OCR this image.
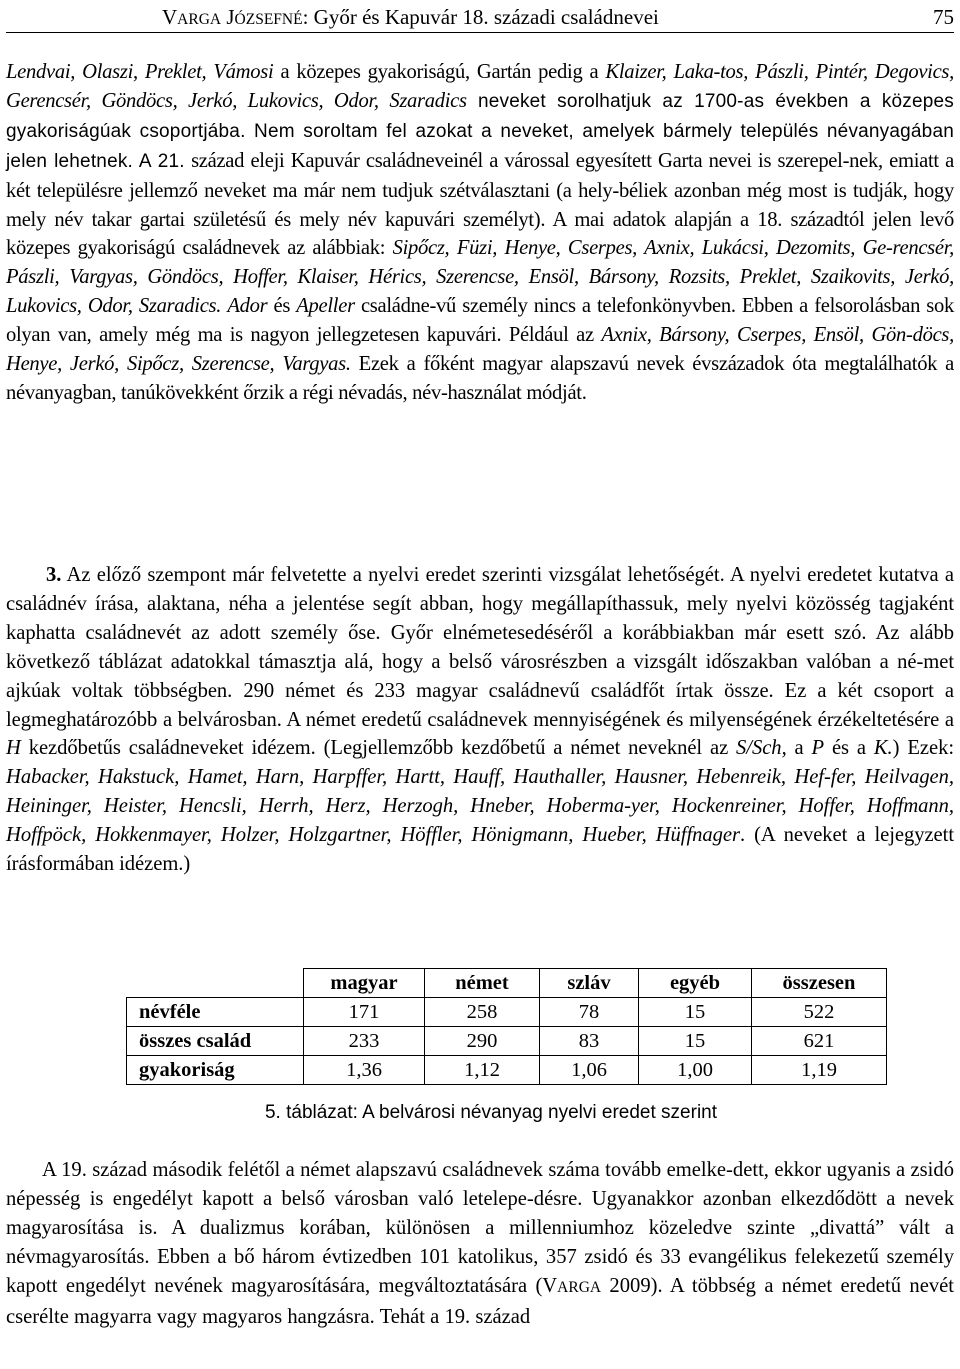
VARGA JÓZSEFNÉ: Győr és Kapuvár 18. századi családnevei	75

Lendvai, Olaszi, Preklet, Vámosi a közepes gyakoriságú, Gartán pedig a Klaizer, Laka-tos, Pászli, Pintér, Degovics, Gerencsér, Göndöcs, Jerkó, Lukovics, Odor, Szaradics neveket sorolhatjuk az 1700-as években a közepes gyakoriságúak csoportjába. Nem soroltam fel azokat a neveket, amelyek bármely település névanyagában jelen lehetnek. A 21. század eleji Kapuvár családneveinél a várossal egyesített Garta nevei is szerepel-nek, emiatt a két településre jellemző neveket ma már nem tudjuk szétválasztani (a hely-béliek azonban még most is tudják, hogy mely név takar gartai születésű és mely név kapuvári személyt). A mai adatok alapján a 18. századtól jelen levő közepes gyakoriságú családnevek az alábbiak: Sipőcz, Füzi, Henye, Cserpes, Axnix, Lukácsi, Dezomits, Ge-rencsér, Pászli, Vargyas, Göndöcs, Hoffer, Klaiser, Hérics, Szerencse, Ensöl, Bársony, Rozsits, Preklet, Szaikovits, Jerkó, Lukovics, Odor, Szaradics. Ador és Apeller családne-vű személy nincs a telefonkönyvben. Ebben a felsorolásban sok olyan van, amely még ma is nagyon jellegzetesen kapuvári. Például az Axnix, Bársony, Cserpes, Ensöl, Gön-döcs, Henye, Jerkó, Sipőcz, Szerencse, Vargyas. Ezek a főként magyar alapszavú nevek évszázadok óta megtalálhatók a névanyagban, tanúkövekként őrzik a régi névadás, név-használat módját.

3. Az előző szempont már felvetette a nyelvi eredet szerinti vizsgálat lehetőségét. A nyelvi eredetet kutatva a családnév írása, alaktana, néha a jelentése segít abban, hogy megállapíthassuk, mely nyelvi közösség tagjaként kaphatta családnevét az adott személy őse. Győr elnémetesedéséről a korábbiakban már esett szó. Az alább következő táblázat adatokkal támasztja alá, hogy a belső városrészben a vizsgált időszakban valóban a né-met ajkúak voltak többségben. 290 német és 233 magyar családnevű családfőt írtak össze. Ez a két csoport a legmeghatározóbb a belvárosban. A német eredetű családnevek mennyiségének és milyenségének érzékeltetésére a H kezdőbetűs családneveket idézem. (Legjellemzőbb kezdőbetű a német neveknél az S/Sch, a P és a K.) Ezek: Habacker, Hakstuck, Hamet, Harn, Harpffer, Hartt, Hauff, Hauthaller, Hausner, Hebenreik, Hef-fer, Heilvagen, Heininger, Heister, Hencsli, Herrh, Herz, Herzogh, Hneber, Hobermа-yer, Hockenreiner, Hoffer, Hoffmann, Hoffpöck, Hokkenmayer, Holzer, Holzgartner, Höffler, Hönigmann, Hueber, Hüffnager. (A neveket a lejegyzett írásformában idézem.)

	magyar	német	szláv	egyéb	összesen
névféle	171	258	78	15	522
összes család	233	290	83	15	621
gyakoriság	1,36	1,12	1,06	1,00	1,19
5. táblázat: A belvárosi névanyag nyelvi eredet szerint

A 19. század második felétől a német alapszavú családnevek száma tovább emelke-dett, ekkor ugyanis a zsidó népesség is engedélyt kapott a belső városban való letelepe-désre. Ugyanakkor azonban elkezdődött a nevek magyarosítása is. A dualizmus korában, különösen a millenniumhoz közeledve szinte „divattá” vált a névmagyarosítás. Ebben a bő három évtizedben 101 katolikus, 357 zsidó és 33 evangélikus felekezetű személy kapott engedélyt nevének magyarosítására, megváltoztatására (VARGA 2009). A többség a német eredetű nevét cserélte magyarra vagy magyaros hangzásra. Tehát a 19. század
